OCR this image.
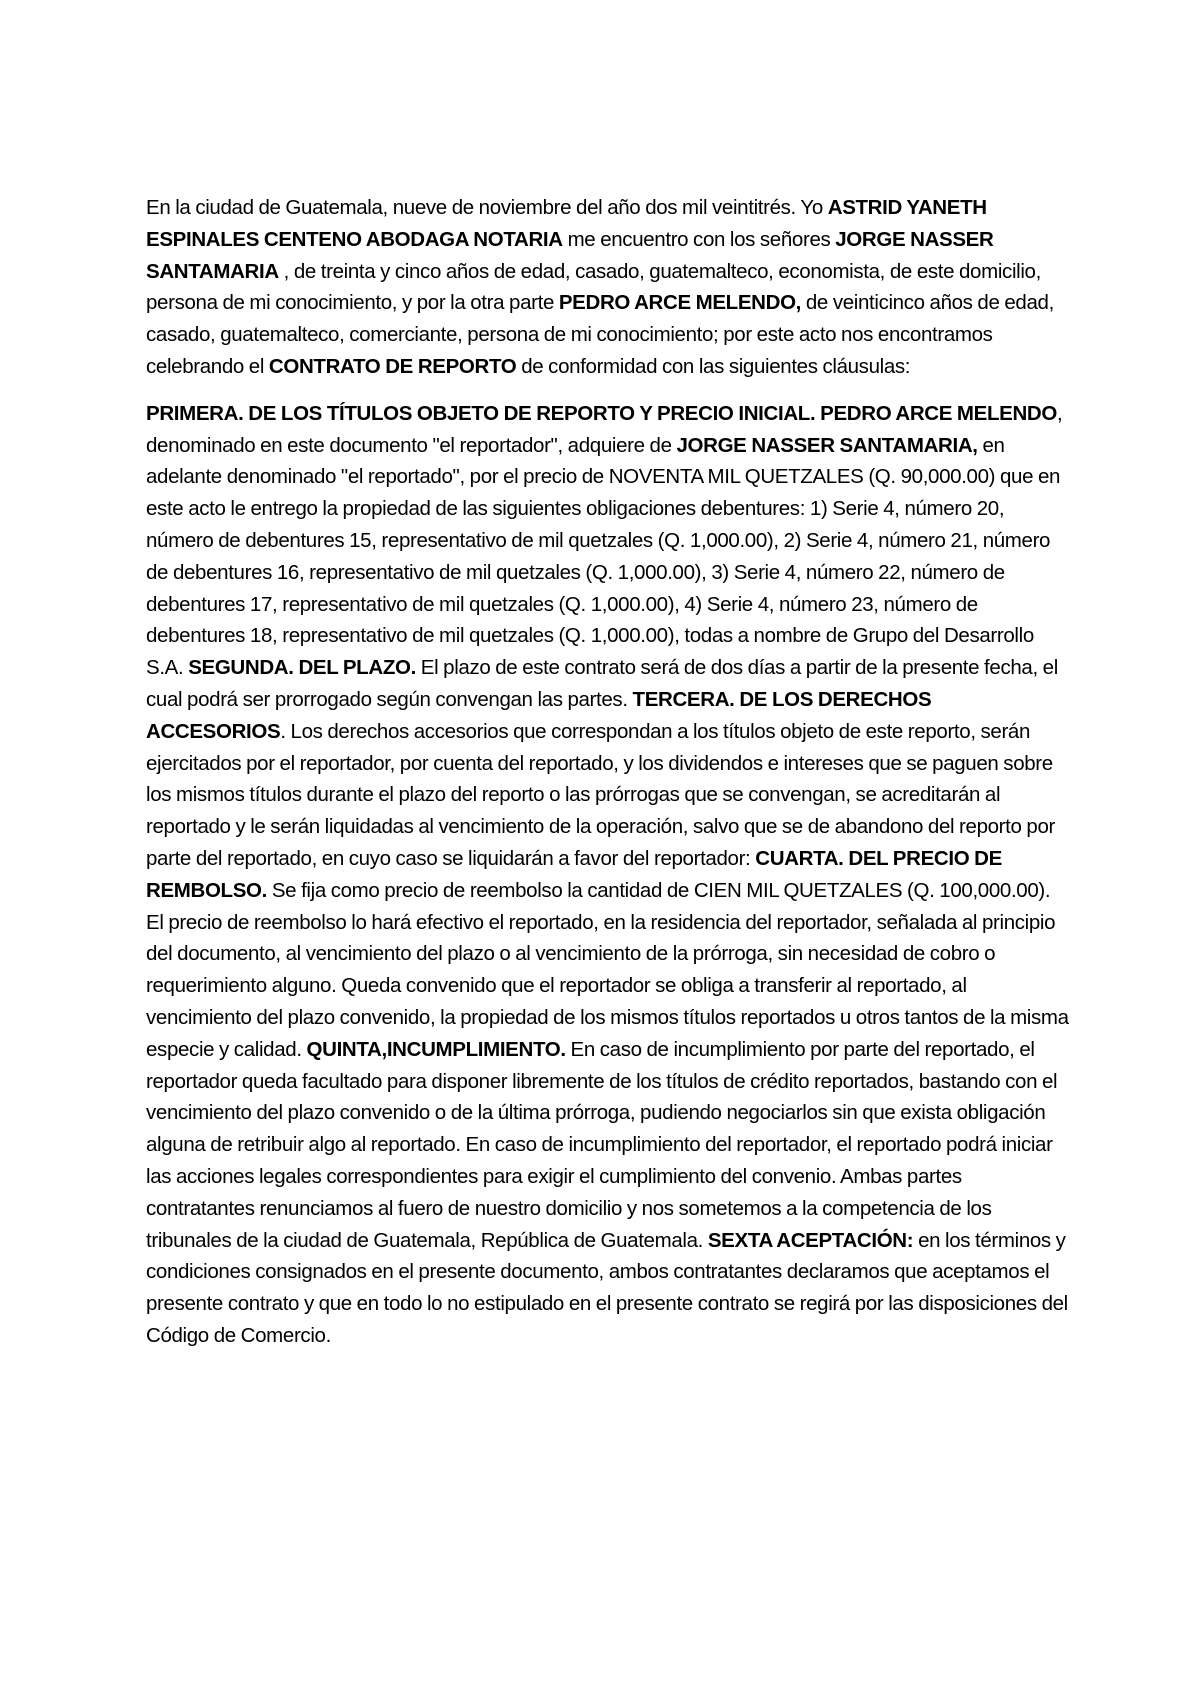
En la ciudad de Guatemala, nueve de noviembre del año dos mil veintitrés. Yo ASTRID YANETH ESPINALES CENTENO ABODAGA NOTARIA me encuentro con los señores JORGE NASSER SANTAMARIA , de treinta y cinco años de edad, casado, guatemalteco, economista, de este domicilio, persona de mi conocimiento, y por la otra parte PEDRO ARCE MELENDO, de veinticinco años de edad, casado, guatemalteco, comerciante, persona de mi conocimiento; por este acto nos encontramos celebrando el CONTRATO DE REPORTO de conformidad con las siguientes cláusulas:

PRIMERA. DE LOS TÍTULOS OBJETO DE REPORTO Y PRECIO INICIAL. PEDRO ARCE MELENDO, denominado en este documento "el reportador", adquiere de JORGE NASSER SANTAMARIA, en adelante denominado "el reportado", por el precio de NOVENTA MIL QUETZALES (Q. 90,000.00) que en este acto le entrego la propiedad de las siguientes obligaciones debentures: 1) Serie 4, número 20, número de debentures 15, representativo de mil quetzales (Q. 1,000.00), 2) Serie 4, número 21, número de debentures 16, representativo de mil quetzales (Q. 1,000.00), 3) Serie 4, número 22, número de debentures 17, representativo de mil quetzales (Q. 1,000.00), 4) Serie 4, número 23, número de debentures 18, representativo de mil quetzales (Q. 1,000.00), todas a nombre de Grupo del Desarrollo S.A. SEGUNDA. DEL PLAZO. El plazo de este contrato será de dos días a partir de la presente fecha, el cual podrá ser prorrogado según convengan las partes. TERCERA. DE LOS DERECHOS ACCESORIOS. Los derechos accesorios que correspondan a los títulos objeto de este reporto, serán ejercitados por el reportador, por cuenta del reportado, y los dividendos e intereses que se paguen sobre los mismos títulos durante el plazo del reporto o las prórrogas que se convengan, se acreditarán al reportado y le serán liquidadas al vencimiento de la operación, salvo que se de abandono del reporto por parte del reportado, en cuyo caso se liquidarán a favor del reportador: CUARTA. DEL PRECIO DE REMBOLSO. Se fija como precio de reembolso la cantidad de CIEN MIL QUETZALES (Q. 100,000.00). El precio de reembolso lo hará efectivo el reportado, en la residencia del reportador, señalada al principio del documento, al vencimiento del plazo o al vencimiento de la prórroga, sin necesidad de cobro o requerimiento alguno. Queda convenido que el reportador se obliga a transferir al reportado, al vencimiento del plazo convenido, la propiedad de los mismos títulos reportados u otros tantos de la misma especie y calidad. QUINTA,INCUMPLIMIENTO. En caso de incumplimiento por parte del reportado, el reportador queda facultado para disponer libremente de los títulos de crédito reportados, bastando con el vencimiento del plazo convenido o de la última prórroga, pudiendo negociarlos sin que exista obligación alguna de retribuir algo al reportado. En caso de incumplimiento del reportador, el reportado podrá iniciar las acciones legales correspondientes para exigir el cumplimiento del convenio. Ambas partes contratantes renunciamos al fuero de nuestro domicilio y nos sometemos a la competencia de los tribunales de la ciudad de Guatemala, República de Guatemala. SEXTA ACEPTACIÓN: en los términos y condiciones consignados en el presente documento, ambos contratantes declaramos que aceptamos el presente contrato y que en todo lo no estipulado en el presente contrato se regirá por las disposiciones del Código de Comercio.
